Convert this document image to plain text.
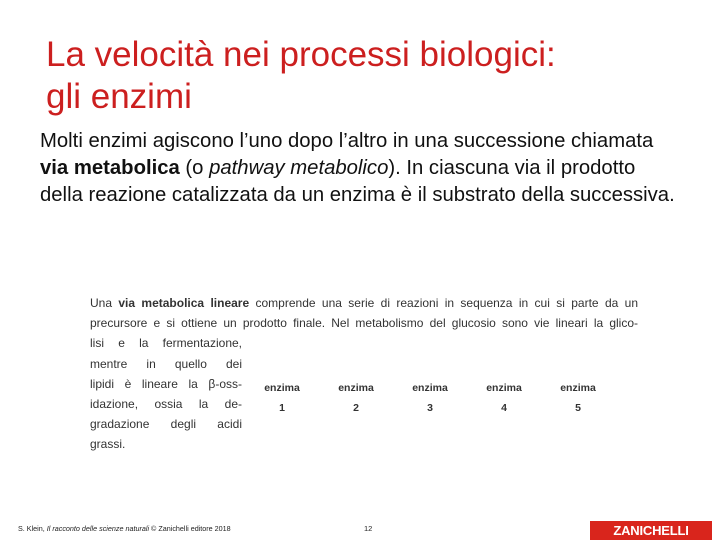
La velocità nei processi biologici:
gli enzimi
Molti enzimi agiscono l’uno dopo l’altro in una successione chiamata via metabolica (o pathway metabolico). In ciascuna via il prodotto della reazione catalizzata da un enzima è il substrato della successiva.
Una via metabolica lineare comprende una serie di reazioni in sequenza in cui si parte da un
precursore e si ottiene un prodotto finale. Nel metabolismo del glucosio sono vie lineari la glico-
lisi e la fermentazione,
mentre in quello dei
lipidi è lineare la β-oss-
idazione, ossia la de-
gradazione degli acidi
grassi.
enzima
1
enzima
2
enzima
3
enzima
4
enzima
5
S. Klein, Il racconto delle scienze naturali © Zanichelli editore 2018	12	ZANICHELLI
